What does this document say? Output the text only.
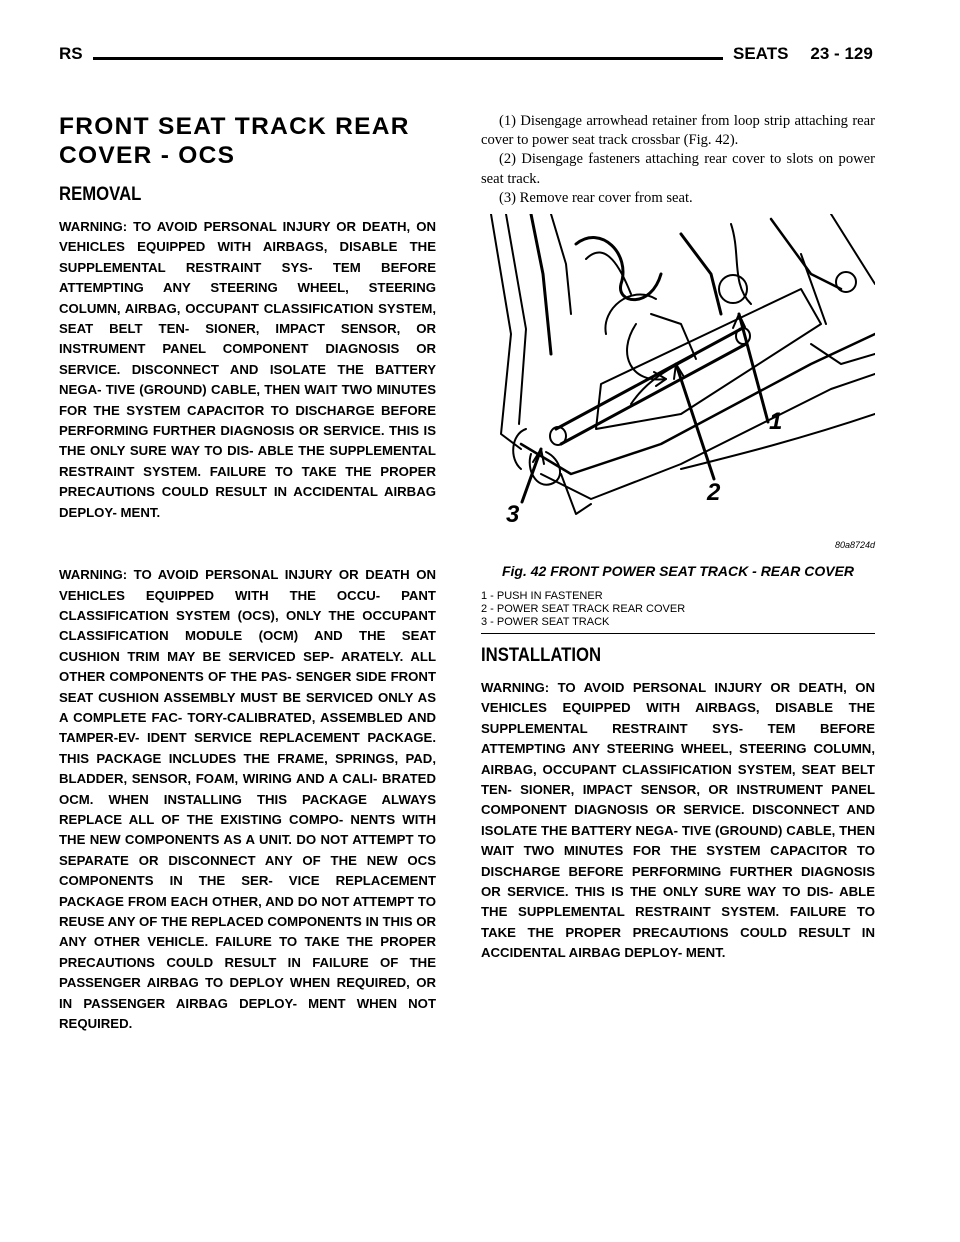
RS	SEATS 23 - 129
FRONT SEAT TRACK REAR
COVER - OCS
REMOVAL

WARNING: TO AVOID PERSONAL INJURY OR DEATH, ON VEHICLES EQUIPPED WITH AIRBAGS, DISABLE THE SUPPLEMENTAL RESTRAINT SYS- TEM BEFORE ATTEMPTING ANY STEERING WHEEL, STEERING COLUMN, AIRBAG, OCCUPANT CLASSIFICATION SYSTEM, SEAT BELT TEN- SIONER, IMPACT SENSOR, OR INSTRUMENT PANEL COMPONENT DIAGNOSIS OR SERVICE. DISCONNECT AND ISOLATE THE BATTERY NEGA- TIVE (GROUND) CABLE, THEN WAIT TWO MINUTES FOR THE SYSTEM CAPACITOR TO DISCHARGE BEFORE PERFORMING FURTHER DIAGNOSIS OR SERVICE. THIS IS THE ONLY SURE WAY TO DIS- ABLE THE SUPPLEMENTAL RESTRAINT SYSTEM. FAILURE TO TAKE THE PROPER PRECAUTIONS COULD RESULT IN ACCIDENTAL AIRBAG DEPLOY- MENT.

WARNING: TO AVOID PERSONAL INJURY OR DEATH ON VEHICLES EQUIPPED WITH THE OCCU- PANT CLASSIFICATION SYSTEM (OCS), ONLY THE OCCUPANT CLASSIFICATION MODULE (OCM) AND THE SEAT CUSHION TRIM MAY BE SERVICED SEP- ARATELY. ALL OTHER COMPONENTS OF THE PAS- SENGER SIDE FRONT SEAT CUSHION ASSEMBLY MUST BE SERVICED ONLY AS A COMPLETE FAC- TORY-CALIBRATED, ASSEMBLED AND TAMPER-EV- IDENT SERVICE REPLACEMENT PACKAGE. THIS PACKAGE INCLUDES THE FRAME, SPRINGS, PAD, BLADDER, SENSOR, FOAM, WIRING AND A CALI- BRATED OCM. WHEN INSTALLING THIS PACKAGE ALWAYS REPLACE ALL OF THE EXISTING COMPO- NENTS WITH THE NEW COMPONENTS AS A UNIT. DO NOT ATTEMPT TO SEPARATE OR DISCONNECT ANY OF THE NEW OCS COMPONENTS IN THE SER- VICE REPLACEMENT PACKAGE FROM EACH OTHER, AND DO NOT ATTEMPT TO REUSE ANY OF THE REPLACED COMPONENTS IN THIS OR ANY OTHER VEHICLE. FAILURE TO TAKE THE PROPER PRECAUTIONS COULD RESULT IN FAILURE OF THE PASSENGER AIRBAG TO DEPLOY WHEN REQUIRED, OR IN PASSENGER AIRBAG DEPLOY- MENT WHEN NOT REQUIRED.

(1) Disengage arrowhead retainer from loop strip attaching rear cover to power seat track crossbar (Fig. 42).

(2) Disengage fasteners attaching rear cover to slots on power seat track.

(3) Remove rear cover from seat.

1
2
3
80a8724d
Fig. 42 FRONT POWER SEAT TRACK - REAR COVER
1 - PUSH IN FASTENER
2 - POWER SEAT TRACK REAR COVER
3 - POWER SEAT TRACK
INSTALLATION

WARNING: TO AVOID PERSONAL INJURY OR DEATH, ON VEHICLES EQUIPPED WITH AIRBAGS, DISABLE THE SUPPLEMENTAL RESTRAINT SYS- TEM BEFORE ATTEMPTING ANY STEERING WHEEL, STEERING COLUMN, AIRBAG, OCCUPANT CLASSIFICATION SYSTEM, SEAT BELT TEN- SIONER, IMPACT SENSOR, OR INSTRUMENT PANEL COMPONENT DIAGNOSIS OR SERVICE. DISCONNECT AND ISOLATE THE BATTERY NEGA- TIVE (GROUND) CABLE, THEN WAIT TWO MINUTES FOR THE SYSTEM CAPACITOR TO DISCHARGE BEFORE PERFORMING FURTHER DIAGNOSIS OR SERVICE. THIS IS THE ONLY SURE WAY TO DIS- ABLE THE SUPPLEMENTAL RESTRAINT SYSTEM. FAILURE TO TAKE THE PROPER PRECAUTIONS COULD RESULT IN ACCIDENTAL AIRBAG DEPLOY- MENT.
